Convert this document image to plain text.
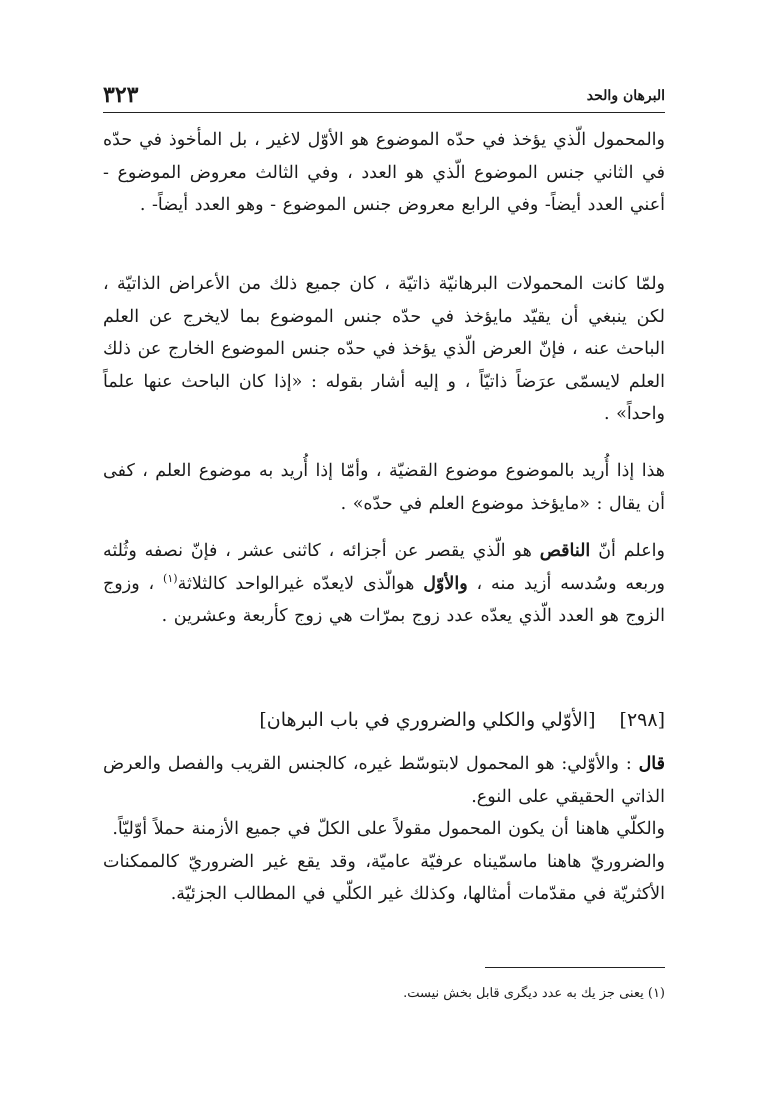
٣٢٣	البرهان والحد

والمحمول الّذي يؤخذ في حدّه الموضوع هو الأوّل لاغير ، بل المأخوذ في حدّه في الثاني جنس الموضوع الّذي هو العدد ، وفي الثالث معروض الموضوع - أعني العدد أيضاً- وفي الرابع معروض جنس الموضوع - وهو العدد أيضاً- .

ولمّا كانت المحمولات البرهانيّة ذاتيّة ، كان جميع ذلك من الأعراض الذاتيّة ، لكن ينبغي أن يقيّد مايؤخذ في حدّه جنس الموضوع بما لايخرج عن العلم الباحث عنه ، فإنّ العرض الّذي يؤخذ في حدّه جنس الموضوع الخارج عن ذلك العلم لايسمّى عرَضاً ذاتيّاً ، و إليه أشار بقوله : «إذا كان الباحث عنها علماً واحداً» .

هذا إذا أُريد بالموضوع موضوع القضيّة ، وأمّا إذا أُريد به موضوع العلم ، كفى أن يقال : «مايؤخذ موضوع العلم في حدّه» .

واعلم أنّ الناقص هو الّذي يقصر عن أجزائه ، كاثنى عشر ، فإنّ نصفه وثُلثه وربعه وسُدسه أزيد منه ، والأوّل هوالّذى لايعدّه غيرالواحد كالثلاثة$^{(١)}$ ، وزوج الزوج هو العدد الّذي يعدّه عدد زوج بمرّات هي زوج كأربعة وعشرين .

[٢٩٨] [الأوّلي والكلي والضروري في باب البرهان]

قال : والأوّلي: هو المحمول لابتوسّط غيره، كالجنس القريب والفصل والعرض الذاتي الحقيقي على النوع.

والكلّي هاهنا أن يكون المحمول مقولاً على الكلّ في جميع الأزمنة حملاً أوّليّاً.

والضروريّ هاهنا ماسمّيناه عرفيّة عاميّة، وقد يقع غير الضروريّ كالممكنات الأكثريّة في مقدّمات أمثالها، وكذلك غير الكلّي في المطالب الجزئيّة.

(١) يعنى جز يك به عدد ديگرى قابل بخش نيست.
